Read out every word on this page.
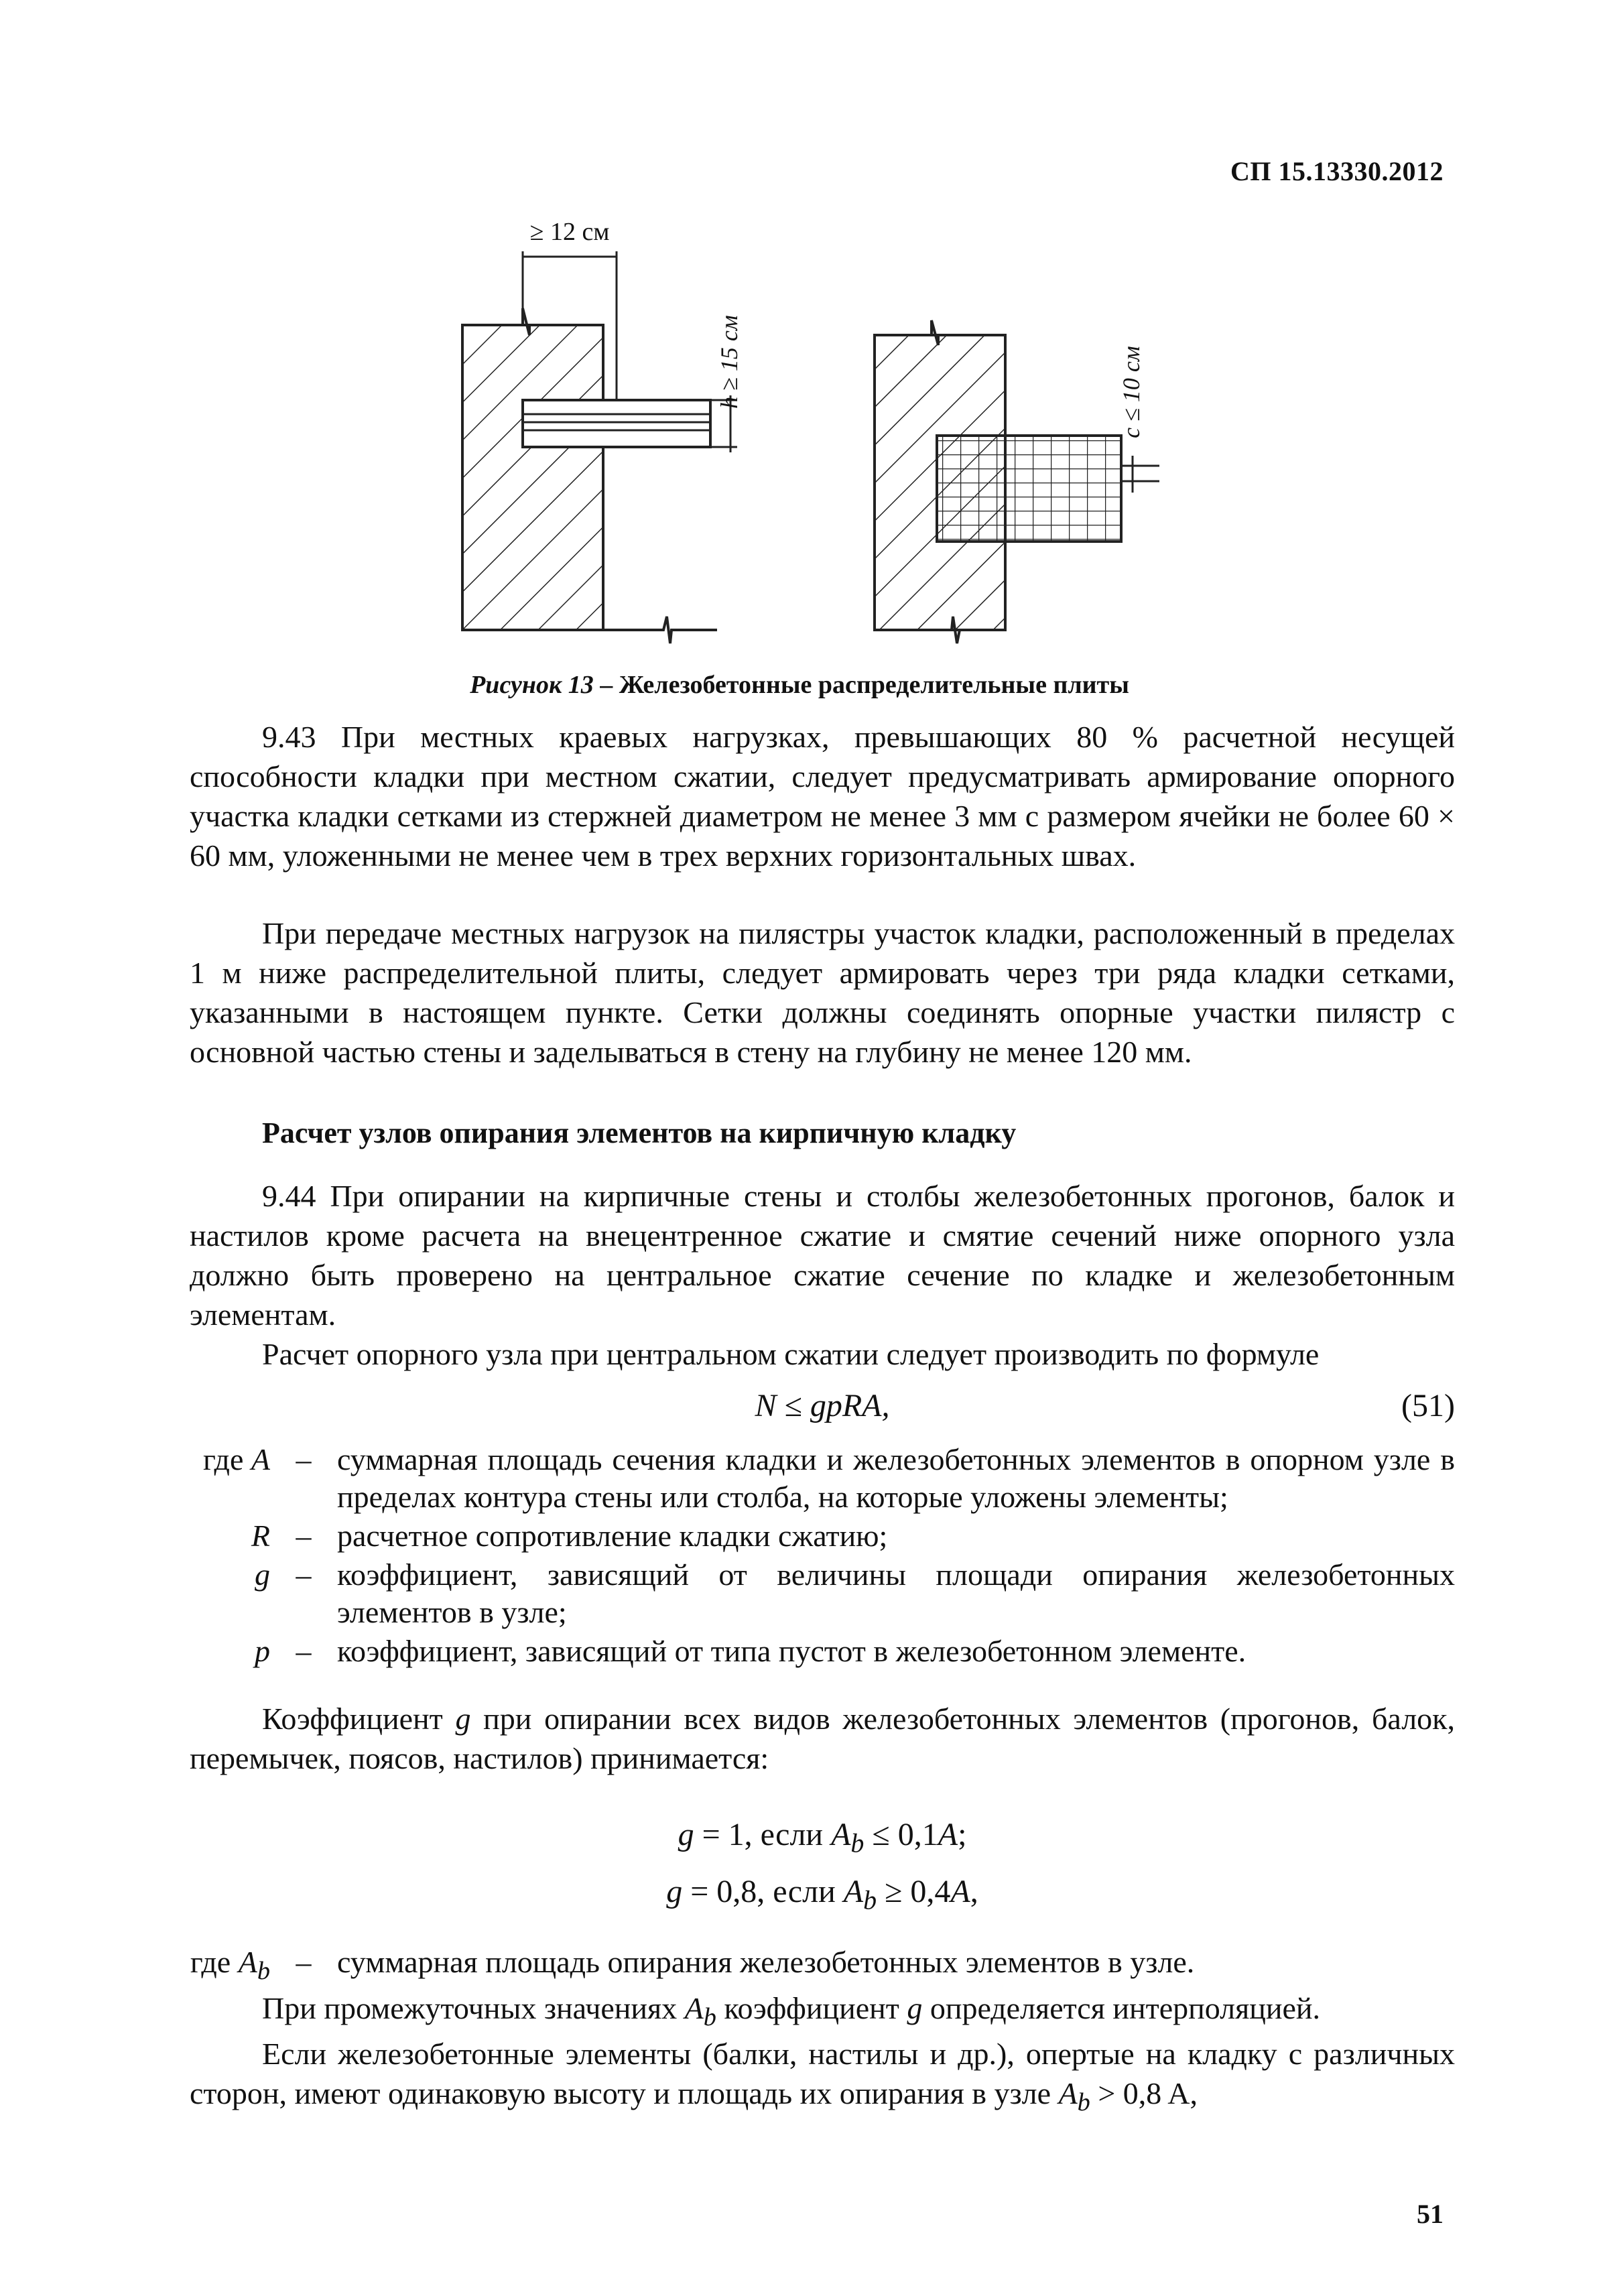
СП 15.13330.2012
≥ 12 см
h ≥ 15 см	c ≤ 10 см
Рисунок 13 – Железобетонные распределительные плиты
9.43 При местных краевых нагрузках, превышающих 80 % расчетной несущей способности кладки при местном сжатии, следует предусматривать армирование опорного участка кладки сетками из стержней диаметром не менее 3 мм с размером ячейки не более 60 × 60 мм, уложенными не менее чем в трех верхних горизонтальных швах.
При передаче местных нагрузок на пилястры участок кладки, расположенный в пределах 1 м ниже распределительной плиты, следует армировать через три ряда кладки сетками, указанными в настоящем пункте. Сетки должны соединять опорные участки пилястр с основной частью стены и заделываться в стену на глубину не менее 120 мм.
Расчет узлов опирания элементов на кирпичную кладку
9.44 При опирании на кирпичные стены и столбы железобетонных прогонов, балок и настилов кроме расчета на внецентренное сжатие и смятие сечений ниже опорного узла должно быть проверено на центральное сжатие сечение по кладке и железобетонным элементам.
Расчет опорного узла при центральном сжатии следует производить по формуле
N ≤ gpRA,	(51)
где A – суммарная площадь сечения кладки и железобетонных элементов в опорном узле в пределах контура стены или столба, на которые уложены элементы;
R – расчетное сопротивление кладки сжатию;
g – коэффициент, зависящий от величины площади опирания железобетонных элементов в узле;
p – коэффициент, зависящий от типа пустот в железобетонном элементе.
Коэффициент g при опирании всех видов железобетонных элементов (прогонов, балок, перемычек, поясов, настилов) принимается:
g = 1, если $A_b \le 0,1A$;
g = 0,8, если $A_b \ge 0,4A$,
где $A_b$ – суммарная площадь опирания железобетонных элементов в узле.
При промежуточных значениях $A_b$ коэффициент g определяется интерполяцией.
Если железобетонные элементы (балки, настилы и др.), опертые на кладку с различных сторон, имеют одинаковую высоту и площадь их опирания в узле $A_b > 0,8$ A,
51
